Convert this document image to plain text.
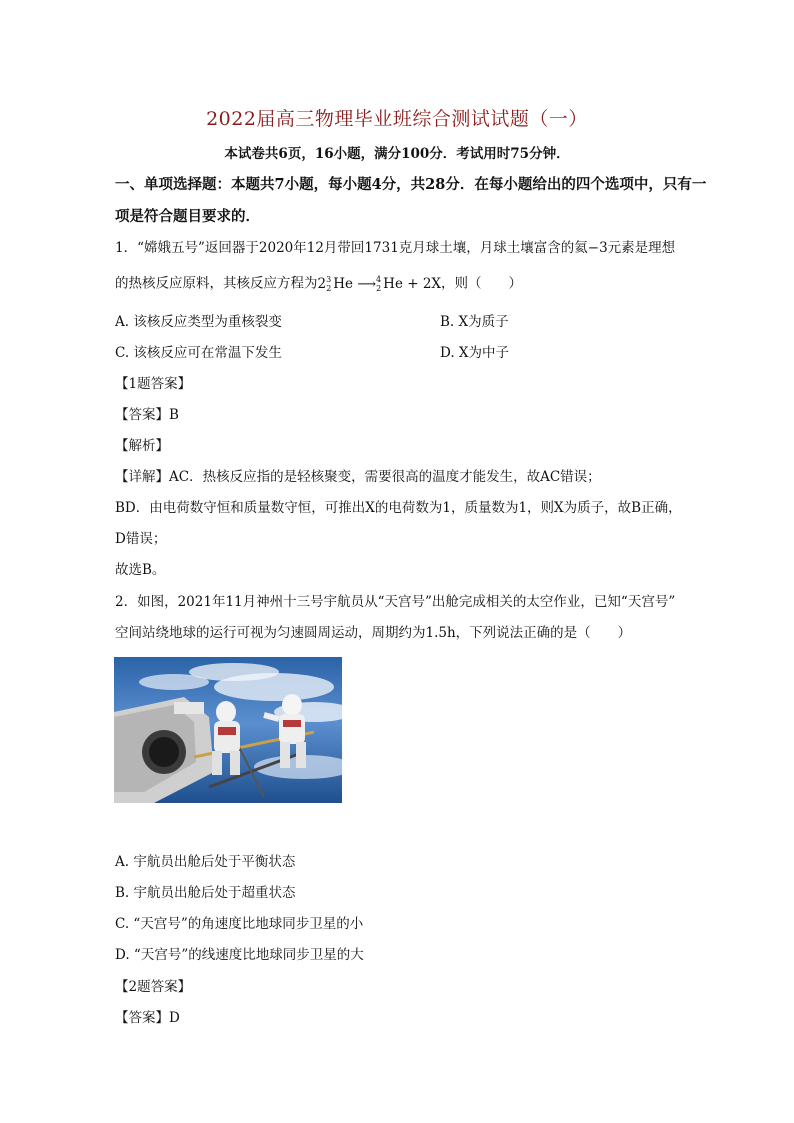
2022届高三物理毕业班综合测试试题（一）
本试卷共6页，16小题，满分100分．考试用时75分钟．
一、单项选择题：本题共7小题，每小题4分，共28分．在每小题给出的四个选项中，只有一
项是符合题目要求的．
1．“嫦娥五号”返回器于2020年12月带回1731克月球土壤，月球土壤富含的氦−3元素是理想
的热核反应原料，其核反应方程为$2^3_2$ He ⟶$^4_2$ He + 2X，则（　　）
A. 该核反应类型为重核裂变	B. X为质子
C. 该核反应可在常温下发生	D. X为中子
【1题答案】
【答案】B
【解析】
【详解】AC．热核反应指的是轻核聚变，需要很高的温度才能发生，故AC错误；
BD．由电荷数守恒和质量数守恒，可推出X的电荷数为1，质量数为1，则X为质子，故B正确，
D错误；
故选B。
2．如图，2021年11月神州十三号宇航员从“天宫号”出舱完成相关的太空作业，已知“天宫号”
空间站绕地球的运行可视为匀速圆周运动，周期约为1.5h，下列说法正确的是（　　）
A. 宇航员出舱后处于平衡状态
B. 宇航员出舱后处于超重状态
C. “天宫号”的角速度比地球同步卫星的小
D. “天宫号”的线速度比地球同步卫星的大
【2题答案】
【答案】D
